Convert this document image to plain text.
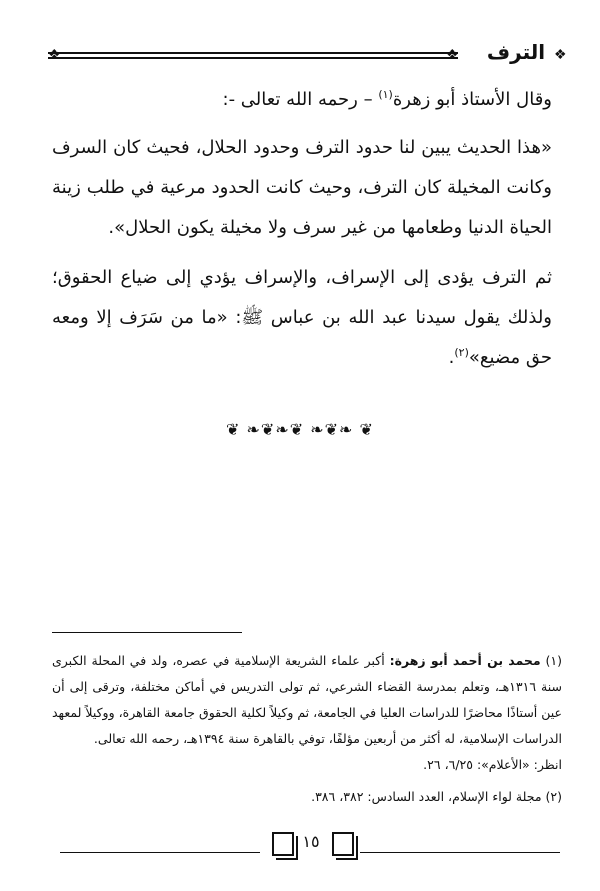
❖	❖	الترف ❖

وقال الأستاذ أبو زهرة$^{(١)}$ – رحمه الله تعالى -:

«هذا الحديث يبين لنا حدود الترف وحدود الحلال، فحيث كان السرف وكانت المخيلة كان الترف، وحيث كانت الحدود مرعية في طلب زينة الحياة الدنيا وطعامها من غير سرف ولا مخيلة يكون الحلال».

ثم الترف يؤدى إلى الإسراف، والإسراف يؤدي إلى ضياع الحقوق؛ ولذلك يقول سيدنا عبد الله بن عباس ﷺ: «ما من سَرَف إلا ومعه حق مضيع»$^{(٢)}$.

❦ ❧❦❧❦ ❧❦❧ ❦

(١) محمد بن أحمد أبو زهرة: أكبر علماء الشريعة الإسلامية في عصره، ولد في المحلة الكبرى سنة ١٣١٦هـ، وتعلم بمدرسة القضاء الشرعي، ثم تولى التدريس في أماكن مختلفة، وترقى إلى أن عين أستاذًا محاضرًا للدراسات العليا في الجامعة، ثم وكيلاً لكلية الحقوق جامعة القاهرة، ووكيلاً لمعهد الدراسات الإسلامية، له أكثر من أربعين مؤلفًا، توفي بالقاهرة سنة ١٣٩٤هـ، رحمه الله تعالى.

انظر: «الأعلام»: ٦/٢٥، ٢٦.

(٢) مجلة لواء الإسلام، العدد السادس: ٣٨٢، ٣٨٦.

١٥
